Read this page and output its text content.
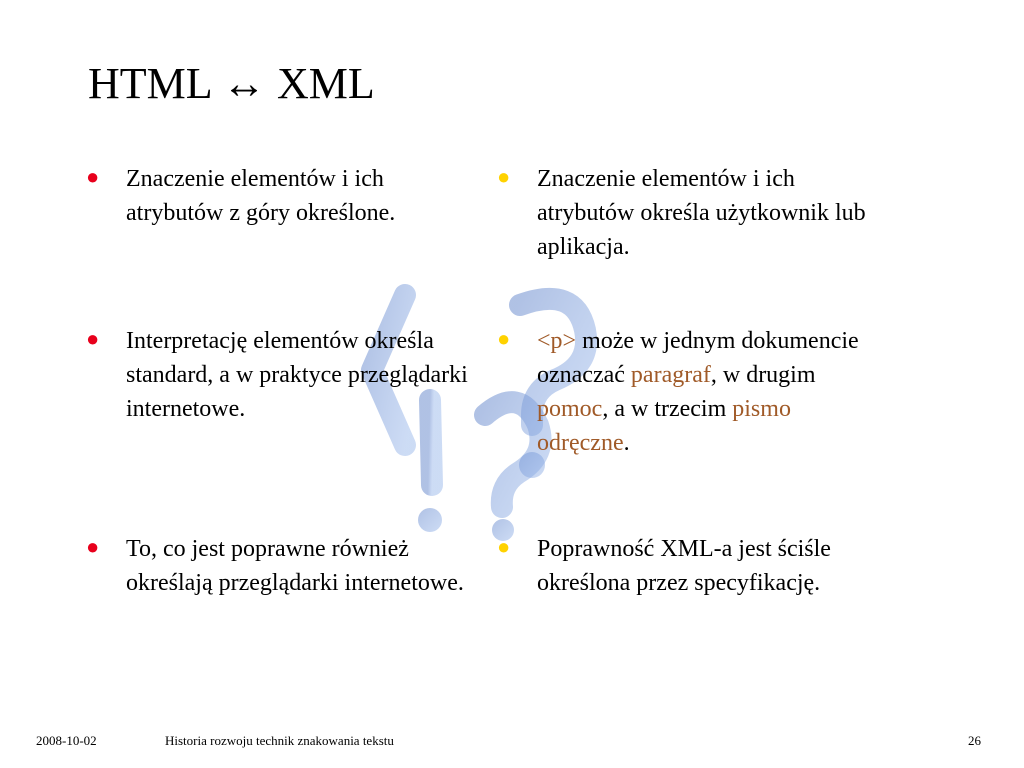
HTML ↔ XML
● Znaczenie elementów i ich atrybutów z góry określone.
● Interpretację elementów określa standard, a w praktyce przeglądarki internetowe.
● To, co jest poprawne również określają przeglądarki internetowe.
● Znaczenie elementów i ich atrybutów określa użytkownik lub aplikacja.
● <p> może w jednym dokumencie oznaczać paragraf, w drugim pomoc, a w trzecim pismo odręczne.
● Poprawność XML-a jest ściśle określona przez specyfikację.
2008-10-02	Historia rozwoju technik znakowania tekstu	26
